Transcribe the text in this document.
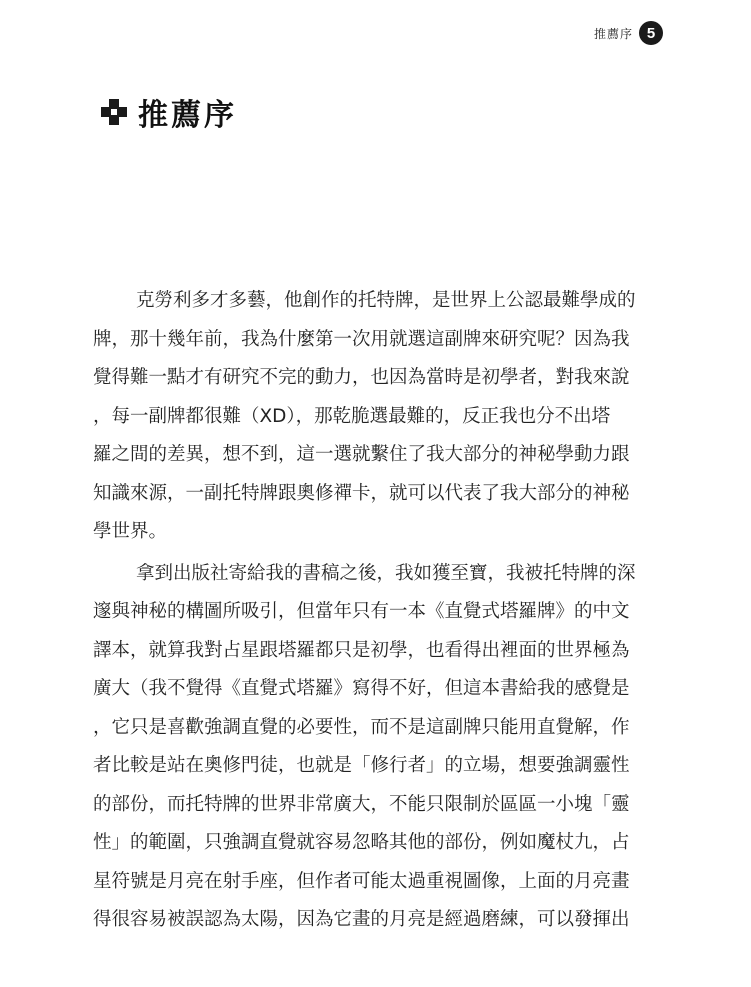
推薦序 5
推薦序
克勞利多才多藝，他創作的托特牌，是世界上公認最難學成的
牌，那十幾年前，我為什麼第一次用就選這副牌來研究呢？因為我
覺得難一點才有研究不完的動力，也因為當時是初學者，對我來說
，每一副牌都很難（XD），那乾脆選最難的，反正我也分不出塔
羅之間的差異，想不到，這一選就繫住了我大部分的神秘學動力跟
知識來源，一副托特牌跟奧修禪卡，就可以代表了我大部分的神秘
學世界。
拿到出版社寄給我的書稿之後，我如獲至寶，我被托特牌的深
邃與神秘的構圖所吸引，但當年只有一本《直覺式塔羅牌》的中文
譯本，就算我對占星跟塔羅都只是初學，也看得出裡面的世界極為
廣大（我不覺得《直覺式塔羅》寫得不好，但這本書給我的感覺是
，它只是喜歡強調直覺的必要性，而不是這副牌只能用直覺解，作
者比較是站在奧修門徒，也就是「修行者」的立場，想要強調靈性
的部份，而托特牌的世界非常廣大，不能只限制於區區一小塊「靈
性」的範圍，只強調直覺就容易忽略其他的部份，例如魔杖九，占
星符號是月亮在射手座，但作者可能太過重視圖像，上面的月亮畫
得很容易被誤認為太陽，因為它畫的月亮是經過磨練，可以發揮出
